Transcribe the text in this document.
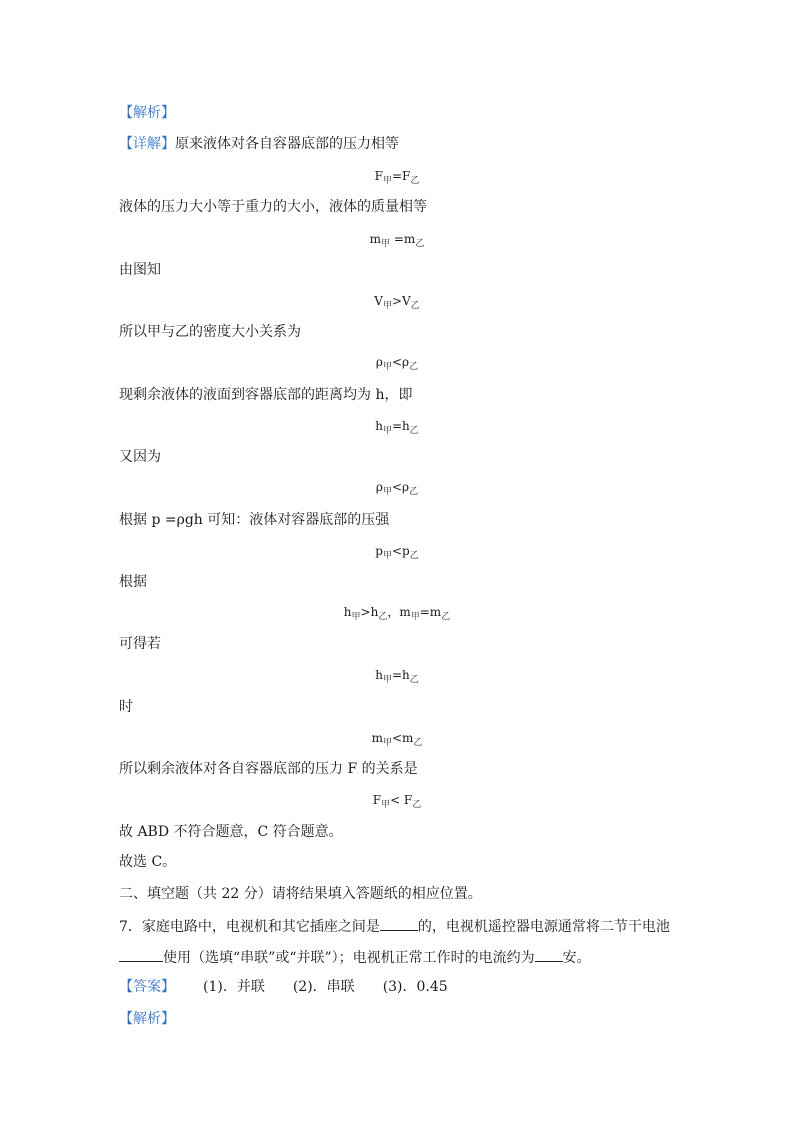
【解析】
【详解】原来液体对各自容器底部的压力相等
$F_甲=F_乙$
液体的压力大小等于重力的大小，液体的质量相等
$m_甲 =m_乙$
由图知
$V_甲>V_乙$
所以甲与乙的密度大小关系为
$\rho_甲<\rho_乙$
现剩余液体的液面到容器底部的距离均为 h，即
$h_甲=h_乙$
又因为
$\rho_甲<\rho_乙$
根据 p =ρgh 可知：液体对容器底部的压强
$p_甲<p_乙$
根据
$h_甲>h_乙$，$m_甲=m_乙$
可得若
$h_甲=h_乙$
时
$m_甲<m_乙$
所以剩余液体对各自容器底部的压力 F 的关系是
$F_甲< F_乙$
故 ABD 不符合题意，C 符合题意。
故选 C。
二、填空题（共 22 分）请将结果填入答题纸的相应位置。
7．家庭电路中，电视机和其它插座之间是	的，电视机遥控器电源通常将二节干电池
使用（选填“串联”或“并联”）；电视机正常工作时的电流约为 安。
【答案】 (1)．并联 (2)．串联 (3)．0.45
【解析】
